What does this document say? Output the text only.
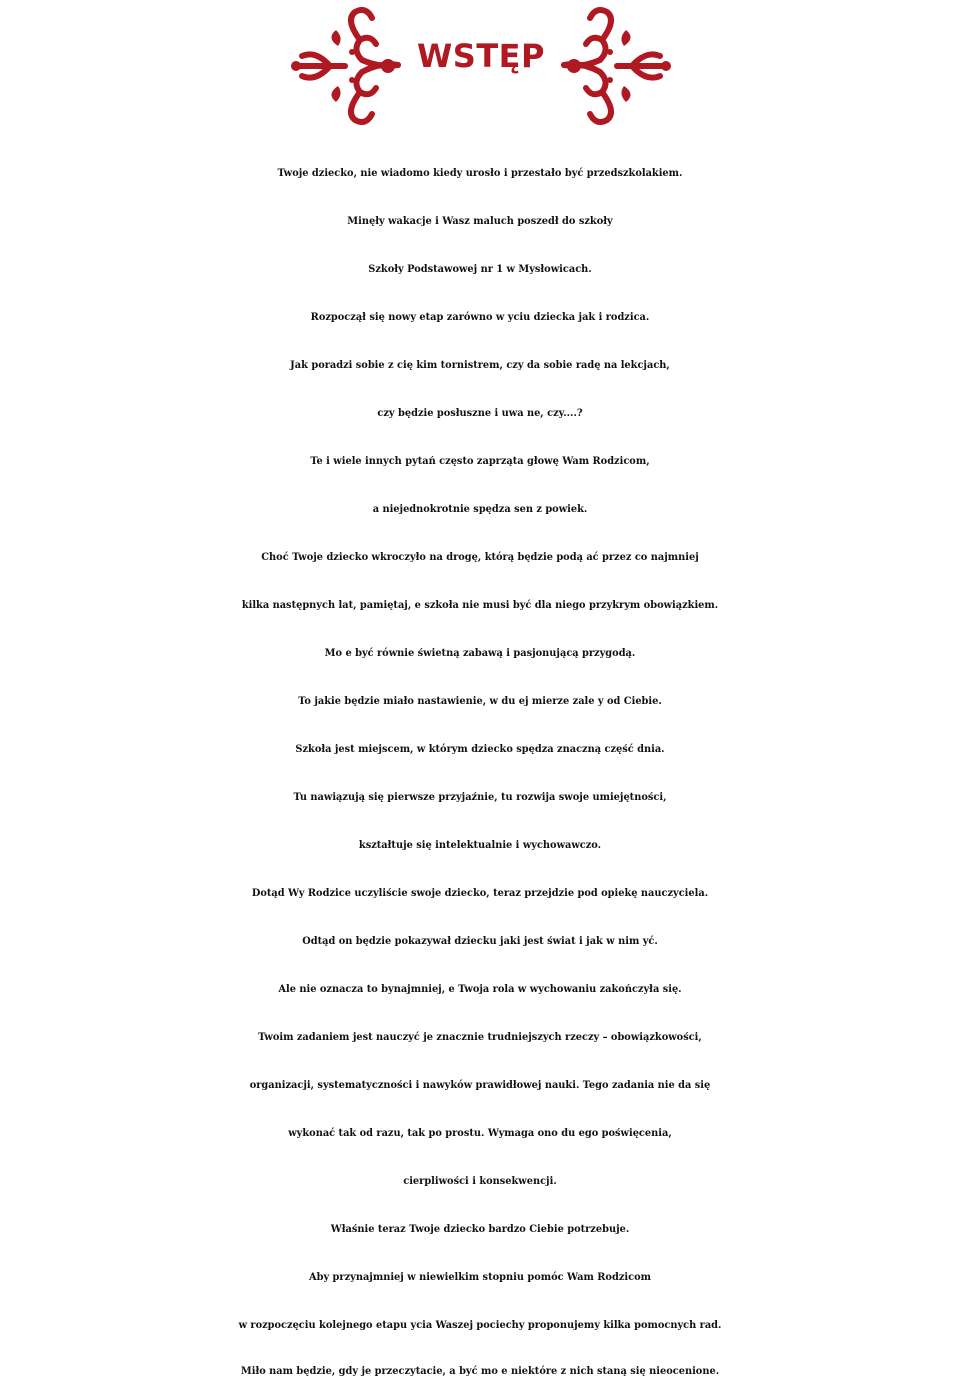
WSTĘP
Twoje dziecko, nie wiadomo kiedy urosło i przestało być przedszkolakiem.
Minęły wakacje i Wasz maluch poszedł do szkoły
Szkoły Podstawowej nr 1 w Mysłowicach.
Rozpoczął się nowy etap zarówno w yciu dziecka jak i rodzica.
Jak poradzi sobie z cię kim tornistrem, czy da sobie radę na lekcjach,
czy będzie posłuszne i uwa ne, czy....?
Te i wiele innych pytań często zaprząta głowę Wam Rodzicom,
a niejednokrotnie spędza sen z powiek.
Choć Twoje dziecko wkroczyło na drogę, którą będzie podą ać przez co najmniej
kilka następnych lat, pamiętaj, e szkoła nie musi być dla niego przykrym obowiązkiem.
Mo e być równie świetną zabawą i pasjonującą przygodą.
To jakie będzie miało nastawienie, w du ej mierze zale y od Ciebie.
Szkoła jest miejscem, w którym dziecko spędza znaczną część dnia.
Tu nawiązują się pierwsze przyjaźnie, tu rozwija swoje umiejętności,
kształtuje się intelektualnie i wychowawczo.
Dotąd Wy Rodzice uczyliście swoje dziecko, teraz przejdzie pod opiekę nauczyciela.
Odtąd on będzie pokazywał dziecku jaki jest świat i jak w nim yć.
Ale nie oznacza to bynajmniej, e Twoja rola w wychowaniu zakończyła się.
Twoim zadaniem jest nauczyć je znacznie trudniejszych rzeczy – obowiązkowości,
organizacji, systematyczności i nawyków prawidłowej nauki. Tego zadania nie da się
wykonać tak od razu, tak po prostu. Wymaga ono du ego poświęcenia,
cierpliwości i konsekwencji.
Właśnie teraz Twoje dziecko bardzo Ciebie potrzebuje.
Aby przynajmniej w niewielkim stopniu pomóc Wam Rodzicom
w rozpoczęciu kolejnego etapu ycia Waszej pociechy proponujemy kilka pomocnych rad.
Miło nam będzie, gdy je przeczytacie, a być mo e niektóre z nich staną się nieocenione.
